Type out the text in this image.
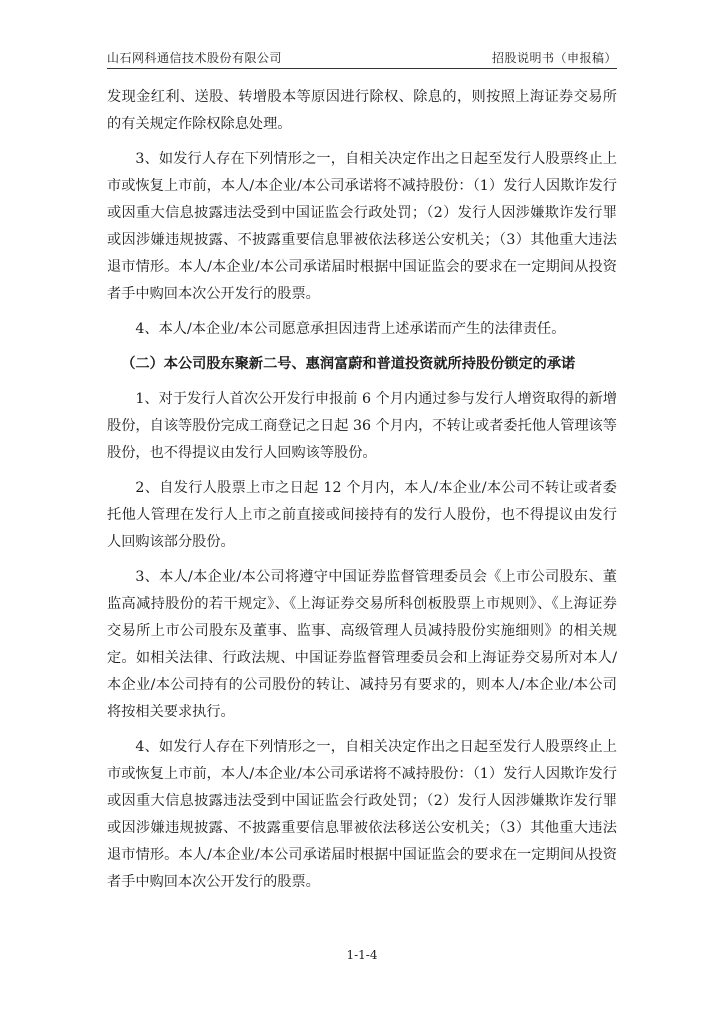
山石网科通信技术股份有限公司	招股说明书（申报稿）

发现金红利、送股、转增股本等原因进行除权、除息的，则按照上海证券交易所的有关规定作除权除息处理。

3、如发行人存在下列情形之一，自相关决定作出之日起至发行人股票终止上市或恢复上市前，本人/本企业/本公司承诺将不减持股份：（1）发行人因欺诈发行或因重大信息披露违法受到中国证监会行政处罚；（2）发行人因涉嫌欺诈发行罪或因涉嫌违规披露、不披露重要信息罪被依法移送公安机关；（3）其他重大违法退市情形。本人/本企业/本公司承诺届时根据中国证监会的要求在一定期间从投资者手中购回本次公开发行的股票。

4、本人/本企业/本公司愿意承担因违背上述承诺而产生的法律责任。

（二）本公司股东聚新二号、惠润富蔚和普道投资就所持股份锁定的承诺

1、对于发行人首次公开发行申报前 6 个月内通过参与发行人增资取得的新增股份，自该等股份完成工商登记之日起 36 个月内，不转让或者委托他人管理该等股份，也不得提议由发行人回购该等股份。

2、自发行人股票上市之日起 12 个月内，本人/本企业/本公司不转让或者委托他人管理在发行人上市之前直接或间接持有的发行人股份，也不得提议由发行人回购该部分股份。

3、本人/本企业/本公司将遵守中国证券监督管理委员会《上市公司股东、董监高减持股份的若干规定》、《上海证券交易所科创板股票上市规则》、《上海证券交易所上市公司股东及董事、监事、高级管理人员减持股份实施细则》的相关规定。如相关法律、行政法规、中国证券监督管理委员会和上海证券交易所对本人/本企业/本公司持有的公司股份的转让、减持另有要求的，则本人/本企业/本公司将按相关要求执行。

4、如发行人存在下列情形之一，自相关决定作出之日起至发行人股票终止上市或恢复上市前，本人/本企业/本公司承诺将不减持股份：（1）发行人因欺诈发行或因重大信息披露违法受到中国证监会行政处罚；（2）发行人因涉嫌欺诈发行罪或因涉嫌违规披露、不披露重要信息罪被依法移送公安机关；（3）其他重大违法退市情形。本人/本企业/本公司承诺届时根据中国证监会的要求在一定期间从投资者手中购回本次公开发行的股票。

1-1-4
